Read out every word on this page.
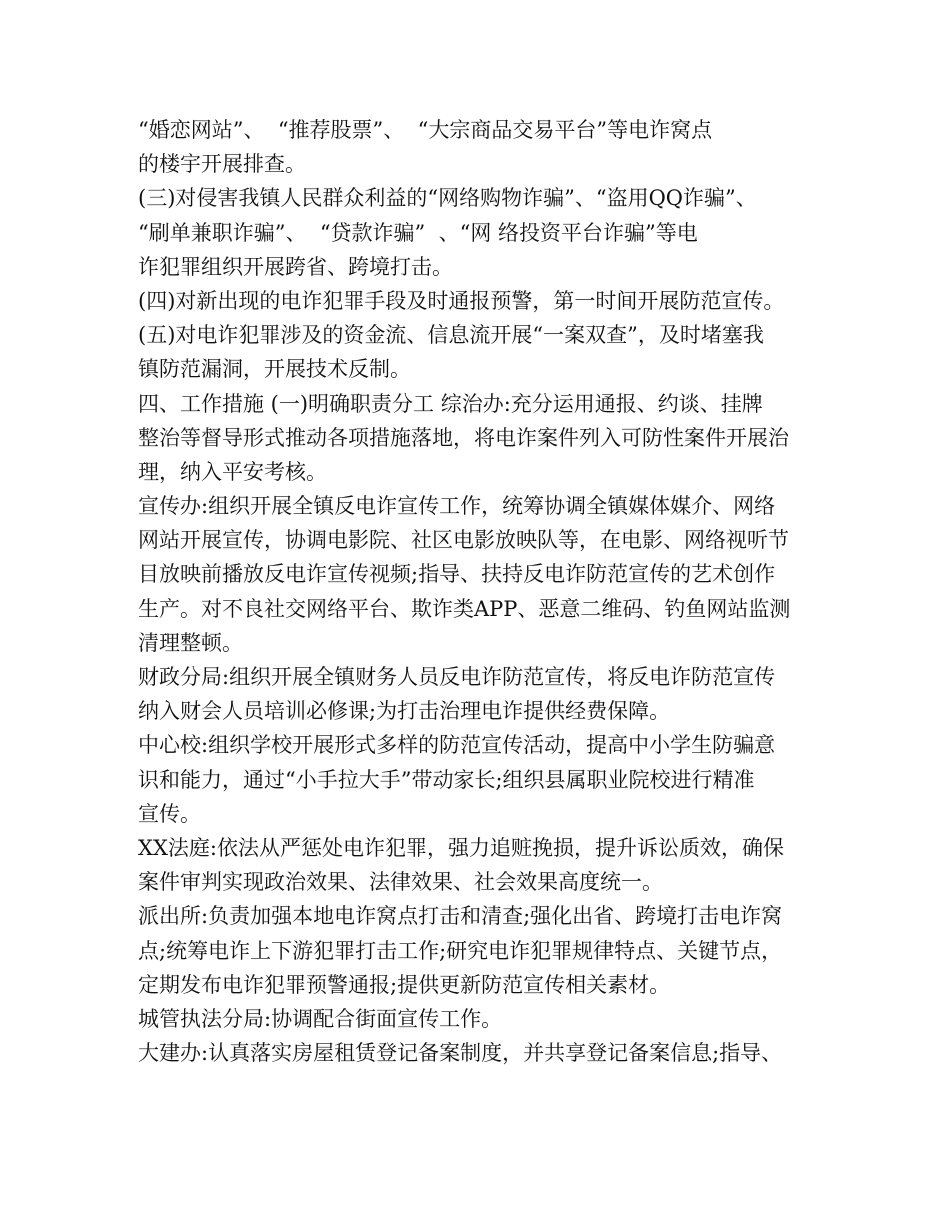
“婚恋网站”、  “推荐股票”、  “大宗商品交易平台”等电诈窝点
的楼宇开展排查。
(三)对侵害我镇人民群众利益的“网络购物诈骗”、“盗用QQ诈骗”、
“刷单兼职诈骗”、  “贷款诈骗”  、“网 络投资平台诈骗”等电
诈犯罪组织开展跨省、跨境打击。
(四)对新出现的电诈犯罪手段及时通报预警，第一时间开展防范宣传。
(五)对电诈犯罪涉及的资金流、信息流开展“一案双查”，及时堵塞我
镇防范漏洞，开展技术反制。
四、工作措施 (一)明确职责分工 综治办:充分运用通报、约谈、挂牌
整治等督导形式推动各项措施落地，将电诈案件列入可防性案件开展治
理，纳入平安考核。
宣传办:组织开展全镇反电诈宣传工作，统筹协调全镇媒体媒介、网络
网站开展宣传，协调电影院、社区电影放映队等，在电影、网络视听节
目放映前播放反电诈宣传视频;指导、扶持反电诈防范宣传的艺术创作
生产。对不良社交网络平台、欺诈类APP、恶意二维码、钓鱼网站监测
清理整顿。
财政分局:组织开展全镇财务人员反电诈防范宣传，将反电诈防范宣传
纳入财会人员培训必修课;为打击治理电诈提供经费保障。
中心校:组织学校开展形式多样的防范宣传活动，提高中小学生防骗意
识和能力，通过“小手拉大手”带动家长;组织县属职业院校进行精准
宣传。
XX法庭:依法从严惩处电诈犯罪，强力追赃挽损，提升诉讼质效，确保
案件审判实现政治效果、法律效果、社会效果高度统一。
派出所:负责加强本地电诈窝点打击和清查;强化出省、跨境打击电诈窝
点;统筹电诈上下游犯罪打击工作;研究电诈犯罪规律特点、关键节点，
定期发布电诈犯罪预警通报;提供更新防范宣传相关素材。
城管执法分局:协调配合街面宣传工作。
大建办:认真落实房屋租赁登记备案制度，并共享登记备案信息;指导、
